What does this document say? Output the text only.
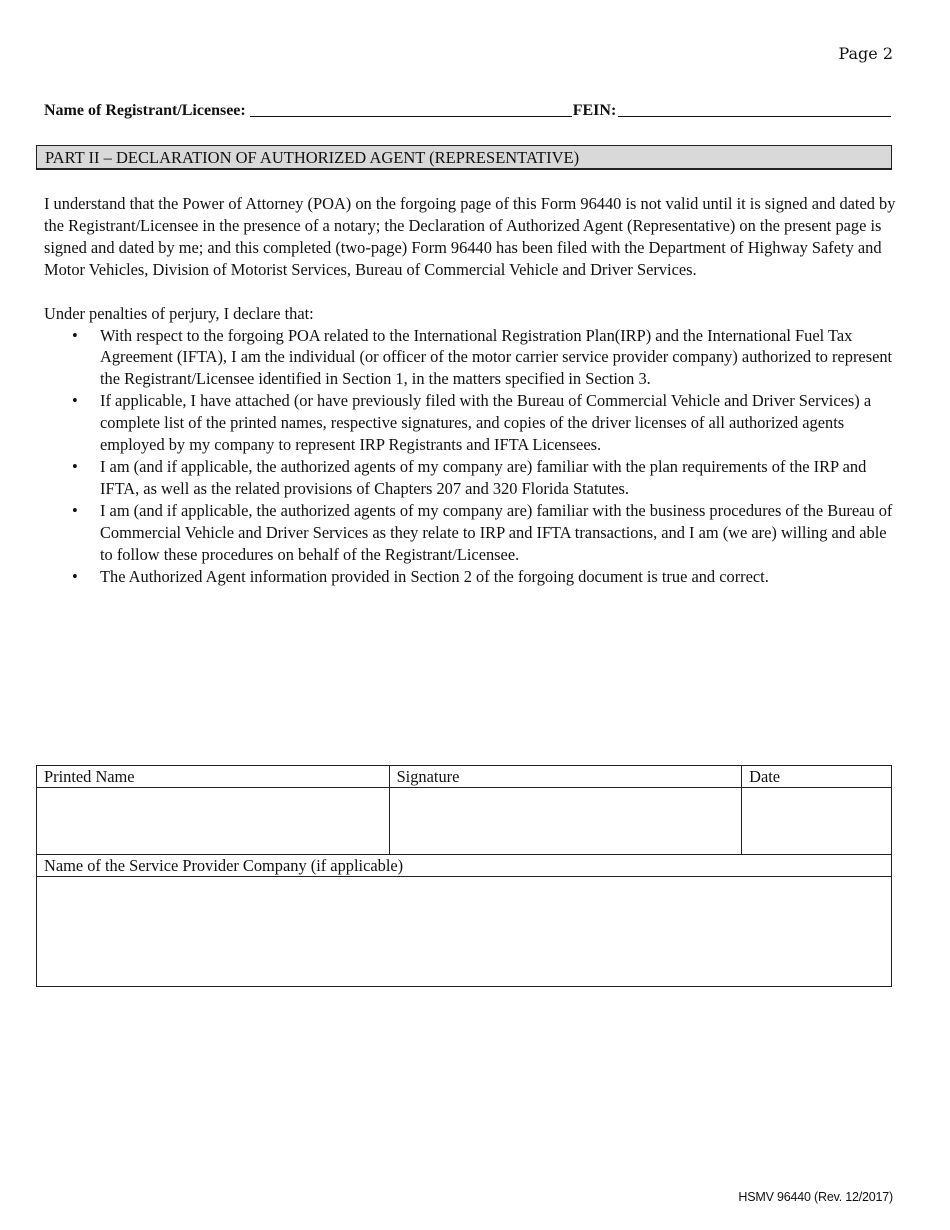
Page 2
Name of Registrant/Licensee:	FEIN:
PART II – DECLARATION OF AUTHORIZED AGENT (REPRESENTATIVE)

I understand that the Power of Attorney (POA) on the forgoing page of this Form 96440 is not valid until it is signed and dated by the Registrant/Licensee in the presence of a notary; the Declaration of Authorized Agent (Representative) on the present page is signed and dated by me; and this completed (two-page) Form 96440 has been filed with the Department of Highway Safety and Motor Vehicles, Division of Motorist Services, Bureau of Commercial Vehicle and Driver Services.

Under penalties of perjury, I declare that:

• With respect to the forgoing POA related to the International Registration Plan(IRP) and the International Fuel Tax Agreement (IFTA), I am the individual (or officer of the motor carrier service provider company) authorized to represent the Registrant/Licensee identified in Section 1, in the matters specified in Section 3.
• If applicable, I have attached (or have previously filed with the Bureau of Commercial Vehicle and Driver Services) a complete list of the printed names, respective signatures, and copies of the driver licenses of all authorized agents employed by my company to represent IRP Registrants and IFTA Licensees.
• I am (and if applicable, the authorized agents of my company are) familiar with the plan requirements of the IRP and IFTA, as well as the related provisions of Chapters 207 and 320 Florida Statutes.
• I am (and if applicable, the authorized agents of my company are) familiar with the business procedures of the Bureau of Commercial Vehicle and Driver Services as they relate to IRP and IFTA transactions, and I am (we are) willing and able to follow these procedures on behalf of the Registrant/Licensee.
• The Authorized Agent information provided in Section 2 of the forgoing document is true and correct.
Printed Name	Signature	Date

Name of the Service Provider Company (if applicable)		

HSMV 96440 (Rev. 12/2017)
